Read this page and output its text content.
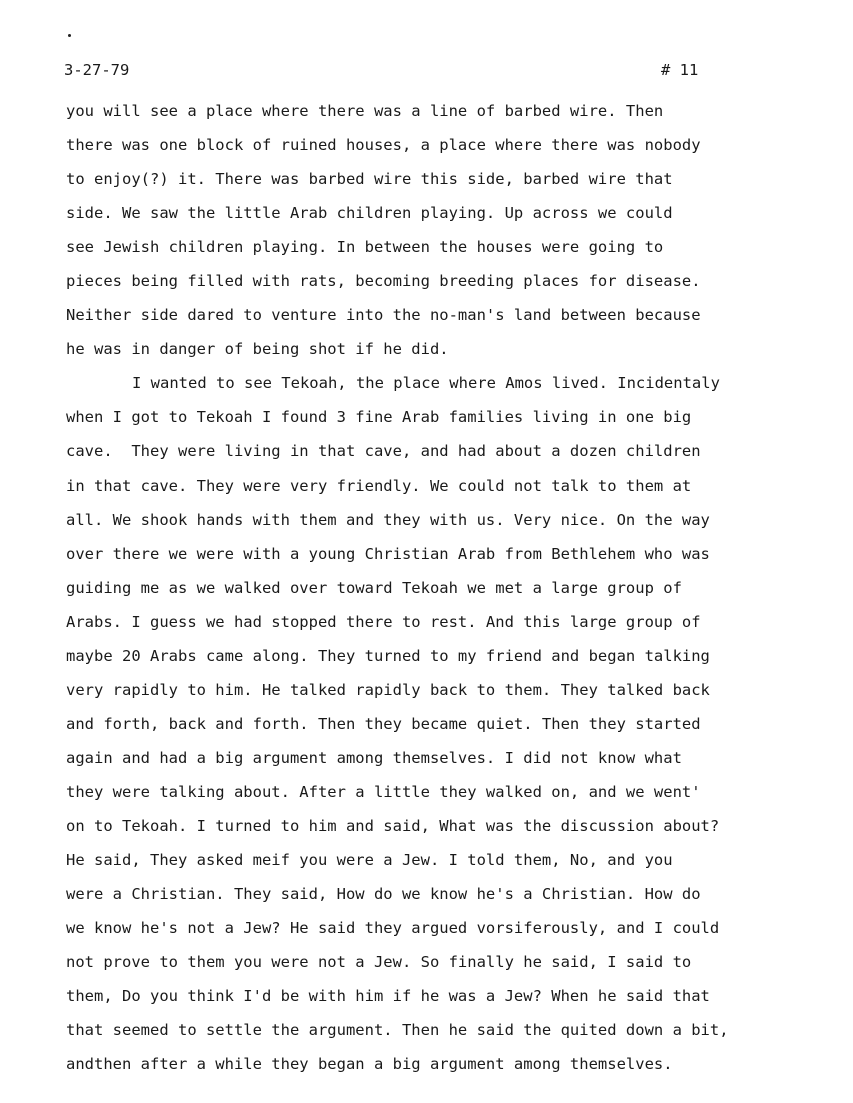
3-27-79	# 11
you will see a place where there was a line of barbed wire. Then
there was one block of ruined houses, a place where there was nobody
to enjoy(?) it. There was barbed wire this side, barbed wire that
side. We saw the little Arab children playing. Up across we could
see Jewish children playing. In between the houses were going to
pieces being filled with rats, becoming breeding places for disease.
Neither side dared to venture into the no-man's land between because
he was in danger of being shot if he did.
I wanted to see Tekoah, the place where Amos lived. Incidentaly
when I got to Tekoah I found 3 fine Arab families living in one big
cave.  They were living in that cave, and had about a dozen children
in that cave. They were very friendly. We could not talk to them at
all. We shook hands with them and they with us. Very nice. On the way
over there we were with a young Christian Arab from Bethlehem who was
guiding me as we walked over toward Tekoah we met a large group of
Arabs. I guess we had stopped there to rest. And this large group of
maybe 20 Arabs came along. They turned to my friend and began talking
very rapidly to him. He talked rapidly back to them. They talked back
and forth, back and forth. Then they became quiet. Then they started
again and had a big argument among themselves. I did not know what
they were talking about. After a little they walked on, and we went'
on to Tekoah. I turned to him and said, What was the discussion about?
He said, They asked meif you were a Jew. I told them, No, and you
were a Christian. They said, How do we know he's a Christian. How do
we know he's not a Jew? He said they argued vorsiferously, and I could
not prove to them you were not a Jew. So finally he said, I said to
them, Do you think I'd be with him if he was a Jew? When he said that
that seemed to settle the argument. Then he said the quited down a bit,
andthen after a while they began a big argument among themselves.
